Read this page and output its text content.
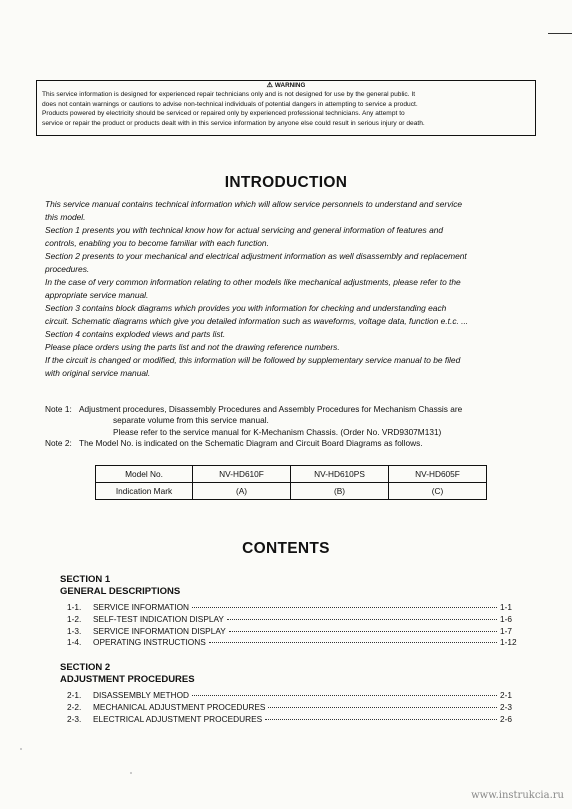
⚠ WARNING
This service information is designed for experienced repair technicians only and is not designed for use by the general public. It
does not contain warnings or cautions to advise non-technical individuals of potential dangers in attempting to service a product.
Products powered by electricity should be serviced or repaired only by experienced professional technicians. Any attempt to
service or repair the product or products dealt with in this service information by anyone else could result in serious injury or death.
INTRODUCTION
This service manual contains technical information which will allow service personnels to understand and service
this model.
Section 1 presents you with technical know how for actual servicing and general information of features and
controls, enabling you to become familiar with each function.
Section 2 presents to your mechanical and electrical adjustment information as well disassembly and replacement
procedures.
In the case of very common information relating to other models like mechanical adjustments, please refer to the
appropriate service manual.
Section 3 contains block diagrams which provides you with information for checking and understanding each
circuit. Schematic diagrams which give you detailed information such as waveforms, voltage data, function e.t.c. ...
Section 4 contains exploded views and parts list.
Please place orders using the parts list and not the drawing reference numbers.
If the circuit is changed or modified, this information will be followed by supplementary service manual to be filed
with original service manual.
Note 1: Adjustment procedures, Disassembly Procedures and Assembly Procedures for Mechanism Chassis are
separate volume from this service manual.
Please refer to the service manual for K-Mechanism Chassis. (Order No. VRD9307M131)
Note 2: The Model No. is indicated on the Schematic Diagram and Circuit Board Diagrams as follows.
Model No.	NV-HD610F	NV-HD610PS	NV-HD605F
Indication Mark	(A)	(B)	(C)
CONTENTS
SECTION 1
GENERAL DESCRIPTIONS
1-1.	SERVICE INFORMATION	1-1
1-2.	SELF-TEST INDICATION DISPLAY	1-6
1-3.	SERVICE INFORMATION DISPLAY	1-7
1-4.	OPERATING INSTRUCTIONS	1-12
SECTION 2
ADJUSTMENT PROCEDURES
2-1.	DISASSEMBLY METHOD	2-1
2-2.	MECHANICAL ADJUSTMENT PROCEDURES	2-3
2-3.	ELECTRICAL ADJUSTMENT PROCEDURES	2-6
www.instrukcia.ru
